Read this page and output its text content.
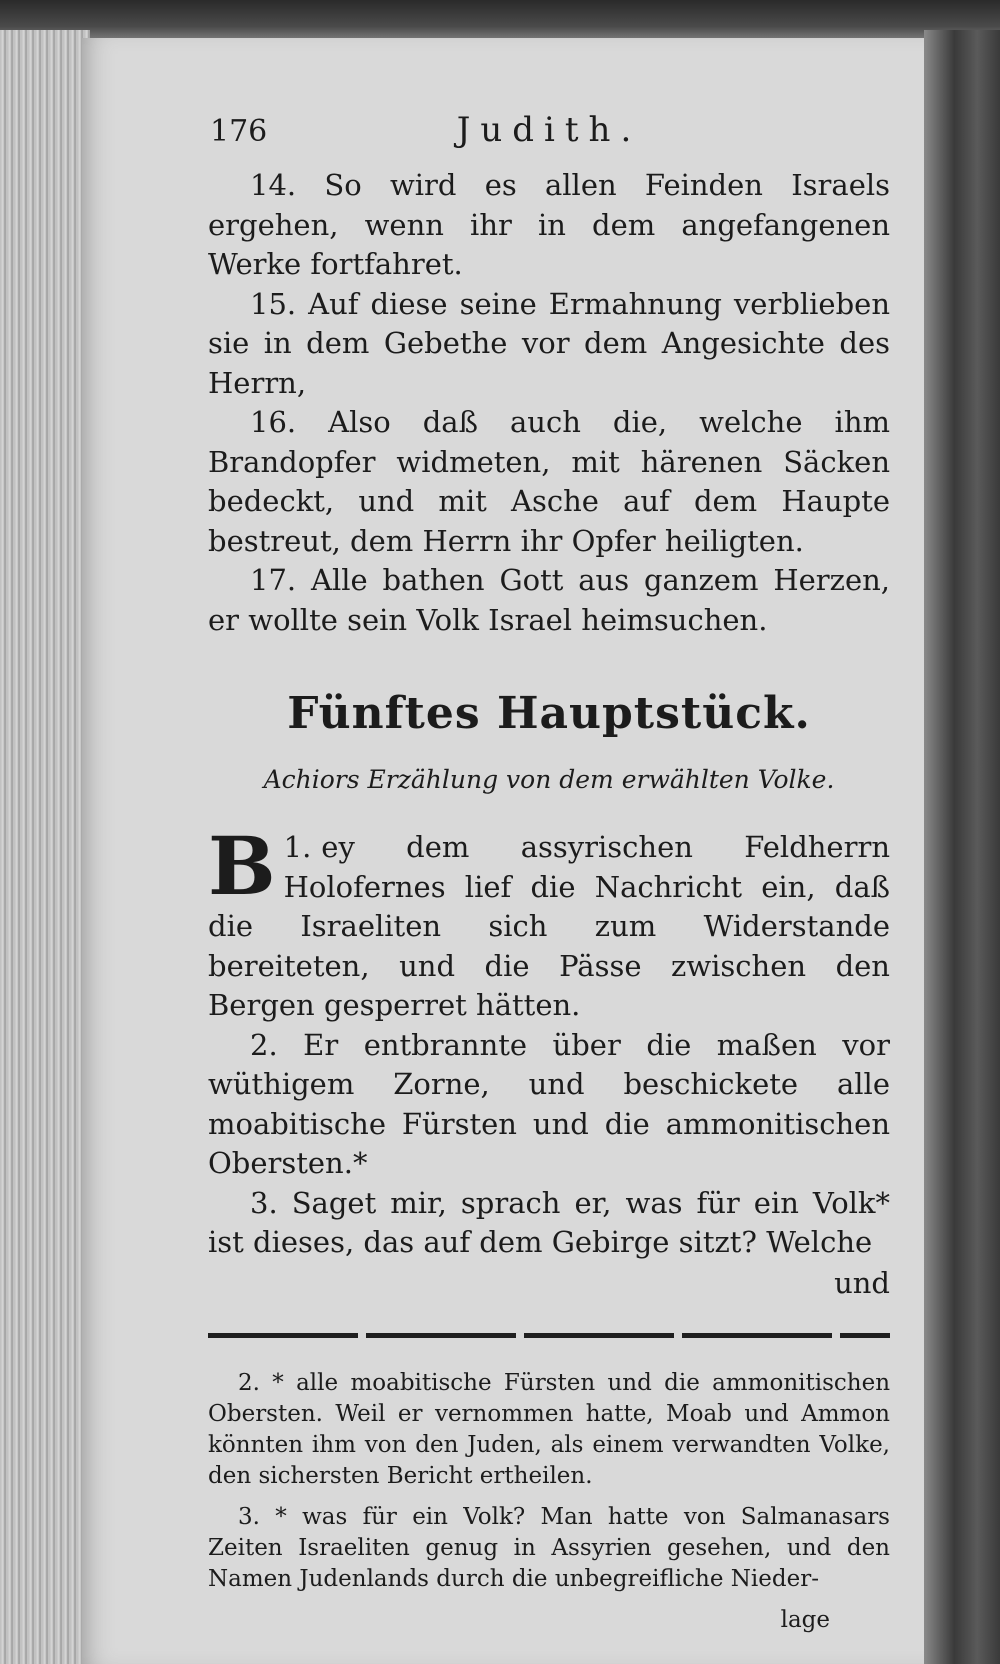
176	Judith.

14. So wird es allen Feinden Israels ergehen, wenn ihr in dem angefangenen Werke fortfahret.

15. Auf diese seine Ermahnung verblieben sie in dem Gebethe vor dem Angesichte des Herrn,

16. Also daß auch die, welche ihm Brandopfer widmeten, mit härenen Säcken bedeckt, und mit Asche auf dem Haupte bestreut, dem Herrn ihr Opfer heiligten.

17. Alle bathen Gott aus ganzem Herzen, er wollte sein Volk Israel heimsuchen.

Fünftes Hauptstück.
Achiors Erzählung von dem erwählten Volke.

1.
B ey dem assyrischen Feldherrn Holofernes lief die Nachricht ein, daß die Israeliten sich zum Widerstande bereiteten, und die Pässe zwischen den Bergen gesperret hätten.

2. Er entbrannte über die maßen vor wüthigem Zorne, und beschickete alle moabitische Fürsten und die ammonitischen Obersten.*

3. Saget mir, sprach er, was für ein Volk* ist dieses, das auf dem Gebirge sitzt? Welche

und

2. * alle moabitische Fürsten und die ammonitischen Obersten. Weil er vernommen hatte, Moab und Ammon könnten ihm von den Juden, als einem verwandten Volke, den sichersten Bericht ertheilen.

3. * was für ein Volk? Man hatte von Salmanasars Zeiten Israeliten genug in Assyrien gesehen, und den Namen Judenlands durch die unbegreifliche Nieder-

lage
